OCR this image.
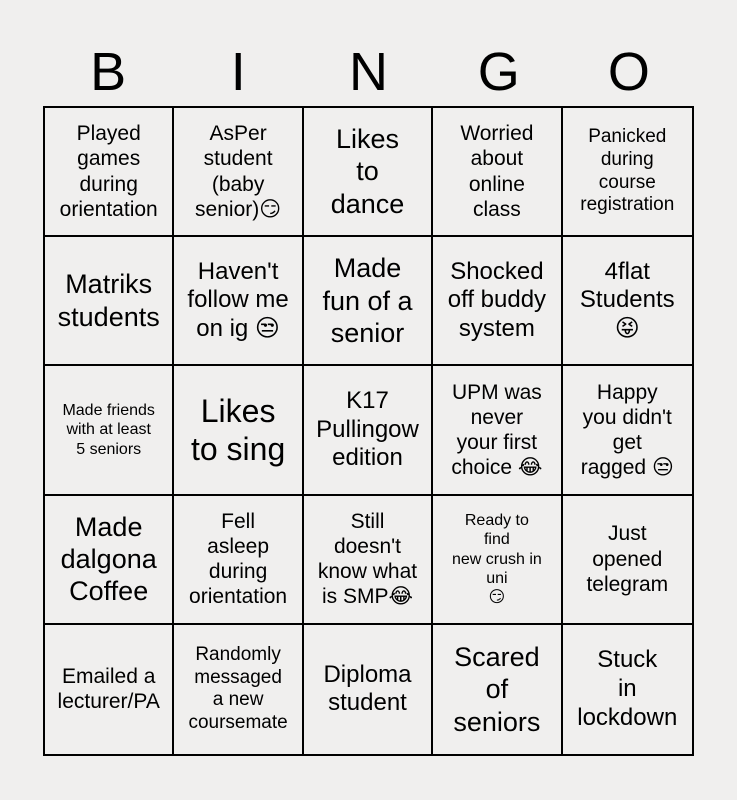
B	I	N	G	O
Played
games
during
orientation
AsPer
student
(baby
senior)😏
Likes
to
dance
Worried
about
online
class
Panicked
during
course
registration
Matriks
students
Haven't
follow me
on ig 😒
Made
fun of a
senior
Shocked
off buddy
system
4flat
Students
😝
Made friends
with at least
5 seniors
Likes
to sing
K17
Pullingow
edition
UPM was
never
your first
choice 😂
Happy
you didn't
get
ragged 😒
Made
dalgona
Coffee
Fell
asleep
during
orientation
Still
doesn't
know what
is SMP😂
Ready to
find
new crush in
uni
😏
Just
opened
telegram
Emailed a
lecturer/PA
Randomly
messaged
a new
coursemate
Diploma
student
Scared
of
seniors
Stuck
in
lockdown
